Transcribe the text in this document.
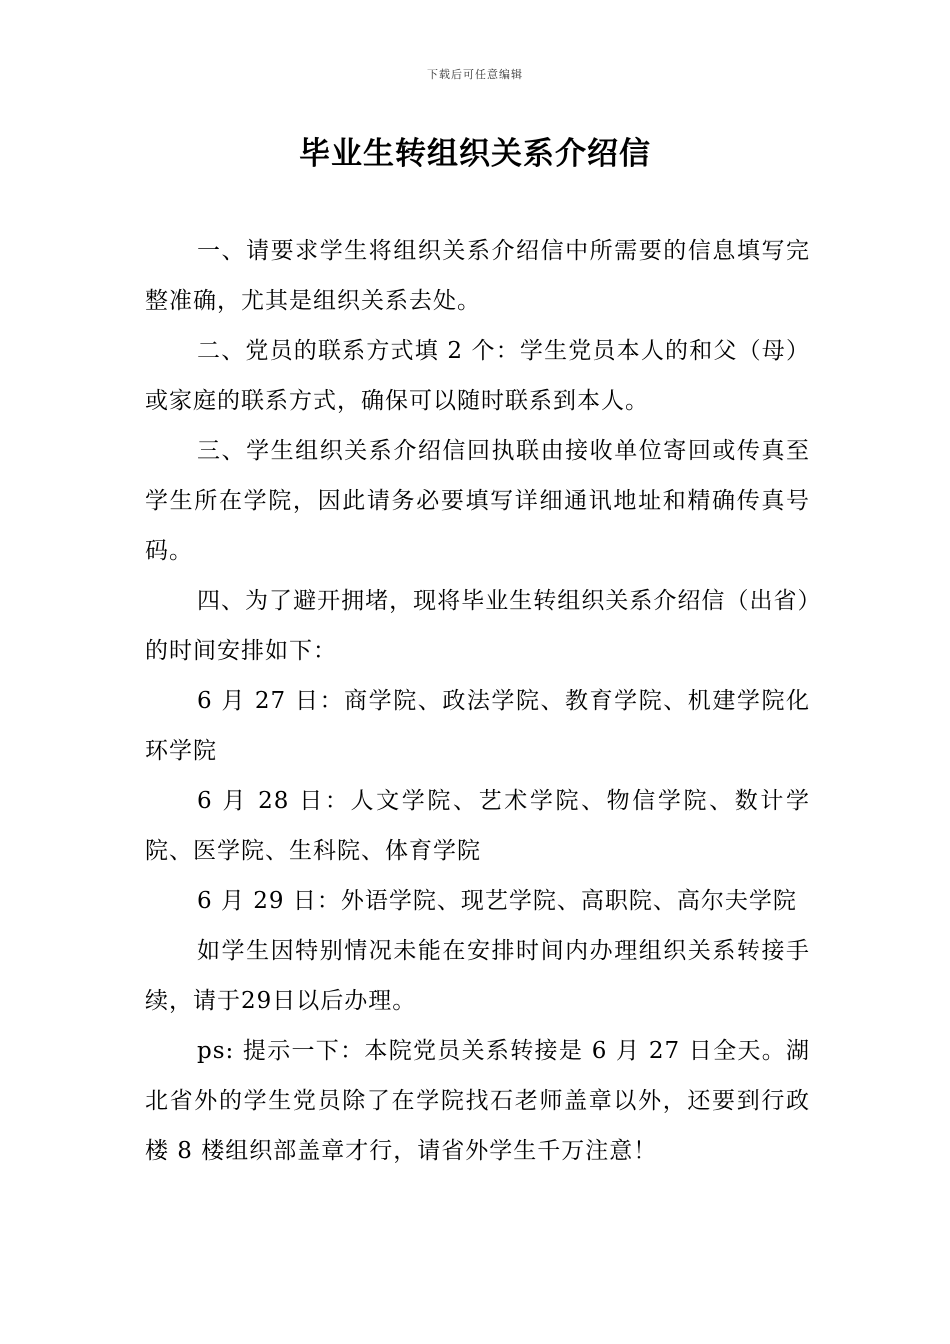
下载后可任意编辑
毕业生转组织关系介绍信

一、请要求学生将组织关系介绍信中所需要的信息填写完整准确，尤其是组织关系去处。

二、党员的联系方式填 2 个：学生党员本人的和父（母）或家庭的联系方式，确保可以随时联系到本人。

三、学生组织关系介绍信回执联由接收单位寄回或传真至学生所在学院，因此请务必要填写详细通讯地址和精确传真号码。

四、为了避开拥堵，现将毕业生转组织关系介绍信（出省）的时间安排如下：

6 月 27 日：商学院、政法学院、教育学院、机建学院化环学院

6 月 28 日：人文学院、艺术学院、物信学院、数计学院、医学院、生科院、体育学院

6 月 29 日：外语学院、现艺学院、高职院、高尔夫学院

如学生因特别情况未能在安排时间内办理组织关系转接手续，请于29日以后办理。

ps: 提示一下：本院党员关系转接是 6 月 27 日全天。湖北省外的学生党员除了在学院找石老师盖章以外，还要到行政楼 8 楼组织部盖章才行，请省外学生千万注意！
